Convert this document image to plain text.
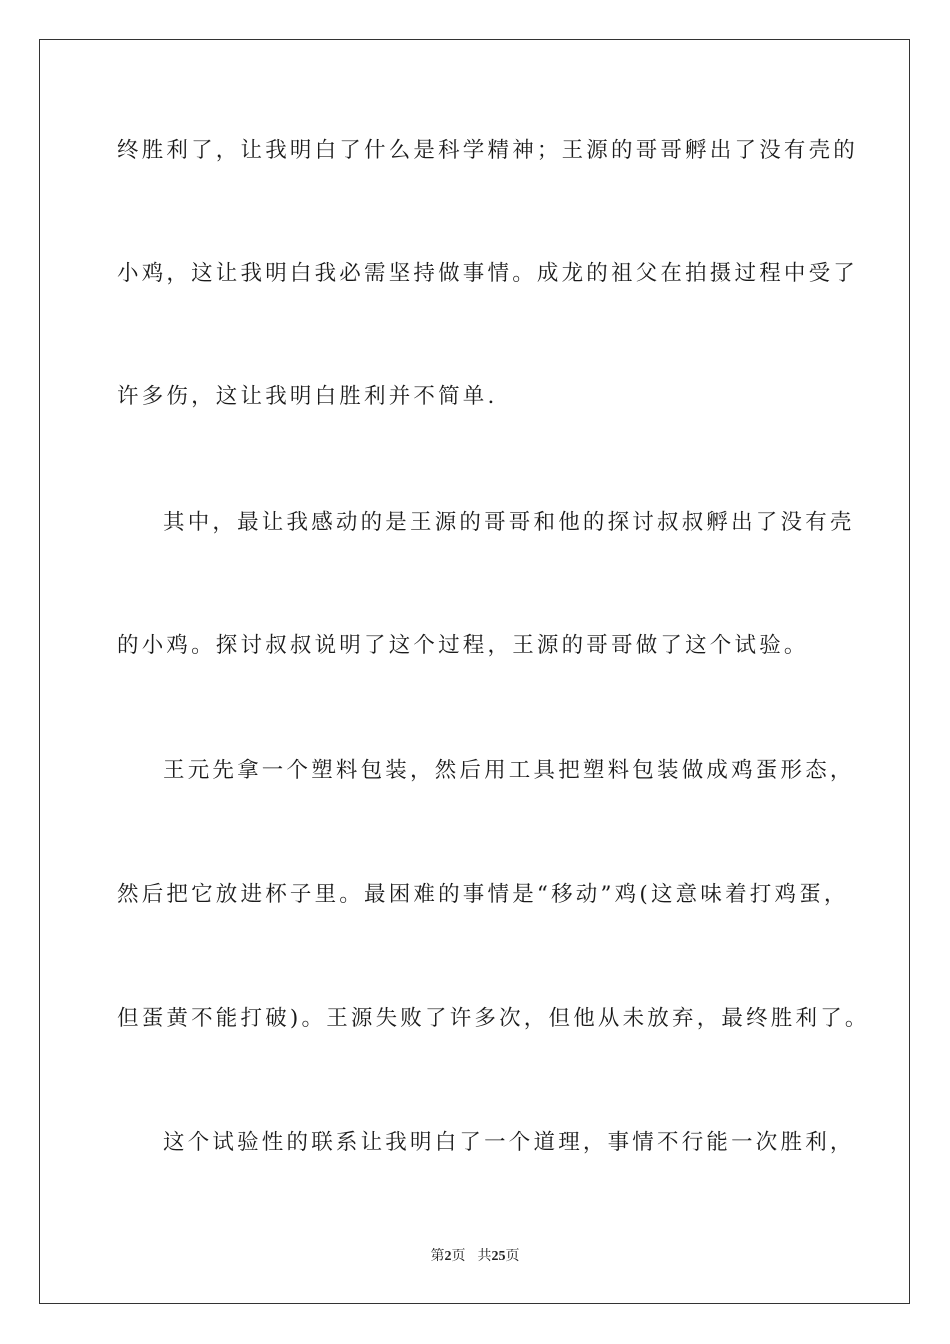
终胜利了，让我明白了什么是科学精神；王源的哥哥孵出了没有壳的
小鸡，这让我明白我必需坚持做事情。成龙的祖父在拍摄过程中受了
许多伤，这让我明白胜利并不简单.
其中，最让我感动的是王源的哥哥和他的探讨叔叔孵出了没有壳
的小鸡。探讨叔叔说明了这个过程，王源的哥哥做了这个试验。
王元先拿一个塑料包装，然后用工具把塑料包装做成鸡蛋形态，
然后把它放进杯子里。最困难的事情是“移动”鸡(这意味着打鸡蛋，
但蛋黄不能打破)。王源失败了许多次，但他从未放弃，最终胜利了。
这个试验性的联系让我明白了一个道理，事情不行能一次胜利，
第2页 共25页
